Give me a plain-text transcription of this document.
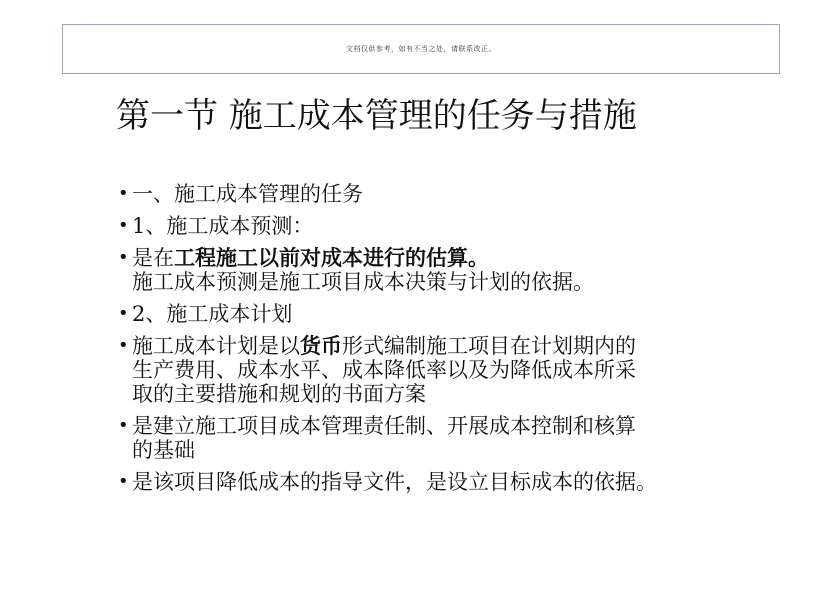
文档仅供参考，如有不当之处，请联系改正。
第一节 施工成本管理的任务与措施
• 一、施工成本管理的任务
• 1、施工成本预测：
• 是在工程施工以前对成本进行的估算。
施工成本预测是施工项目成本决策与计划的依据。
• 2、施工成本计划
• 施工成本计划是以货币形式编制施工项目在计划期内的
生产费用、成本水平、成本降低率以及为降低成本所采
取的主要措施和规划的书面方案
• 是建立施工项目成本管理责任制、开展成本控制和核算
的基础
• 是该项目降低成本的指导文件，是设立目标成本的依据。
